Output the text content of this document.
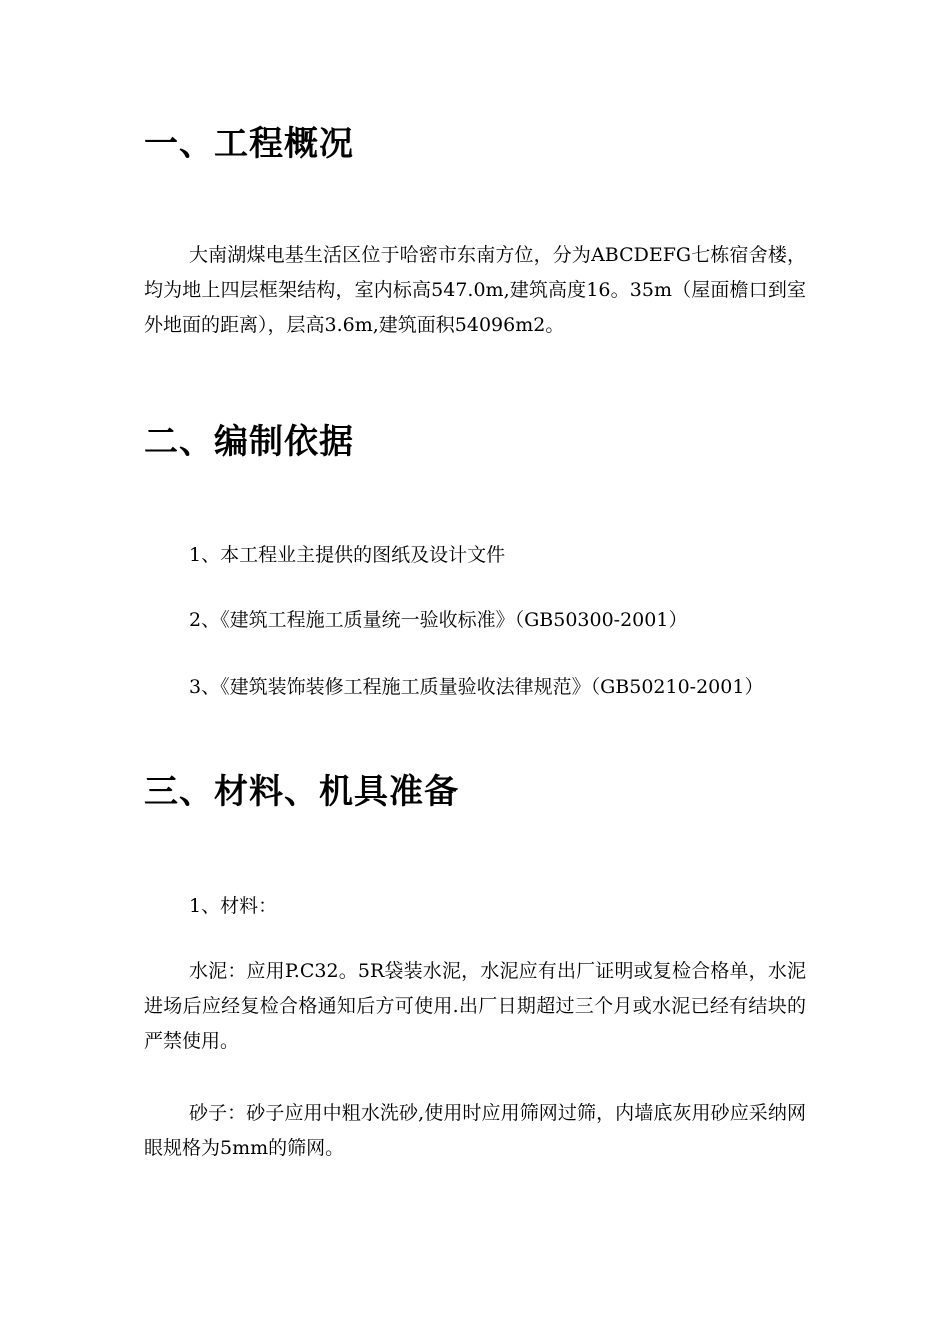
一、工程概况

大南湖煤电基生活区位于哈密市东南方位，分为ABCDEFG七栋宿舍楼，均为地上四层框架结构，室内标高547.0m,建筑高度16。35m（屋面檐口到室外地面的距离），层高3.6m,建筑面积54096m2。

二、编制依据

1、本工程业主提供的图纸及设计文件

2、《建筑工程施工质量统一验收标准》（GB50300-2001）

3、《建筑装饰装修工程施工质量验收法律规范》（GB50210-2001）

三、材料、机具准备

1、材料：

水泥：应用P.C32。5R袋装水泥，水泥应有出厂证明或复检合格单，水泥进场后应经复检合格通知后方可使用.出厂日期超过三个月或水泥已经有结块的严禁使用。

砂子：砂子应用中粗水洗砂,使用时应用筛网过筛，内墙底灰用砂应采纳网眼规格为5mm的筛网。
